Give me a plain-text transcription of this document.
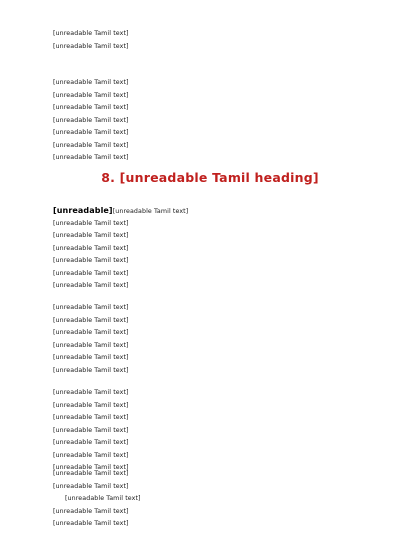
[unreadable Tamil text]
[unreadable Tamil text]
[unreadable Tamil text]
[unreadable Tamil text]
[unreadable Tamil text]
[unreadable Tamil text]
[unreadable Tamil text]
[unreadable Tamil text]
[unreadable Tamil text]
8. [unreadable Tamil heading]
[unreadable][unreadable Tamil text]
[unreadable Tamil text]
[unreadable Tamil text]
[unreadable Tamil text]
[unreadable Tamil text]
[unreadable Tamil text]
[unreadable Tamil text]
[unreadable Tamil text]
[unreadable Tamil text]
[unreadable Tamil text]
[unreadable Tamil text]
[unreadable Tamil text]
[unreadable Tamil text]
[unreadable Tamil text]
[unreadable Tamil text]
[unreadable Tamil text]
[unreadable Tamil text]
[unreadable Tamil text]
[unreadable Tamil text]
[unreadable Tamil text]
[unreadable Tamil text]
[unreadable Tamil text]
[unreadable Tamil text]
[unreadable Tamil text]
[unreadable Tamil text]
